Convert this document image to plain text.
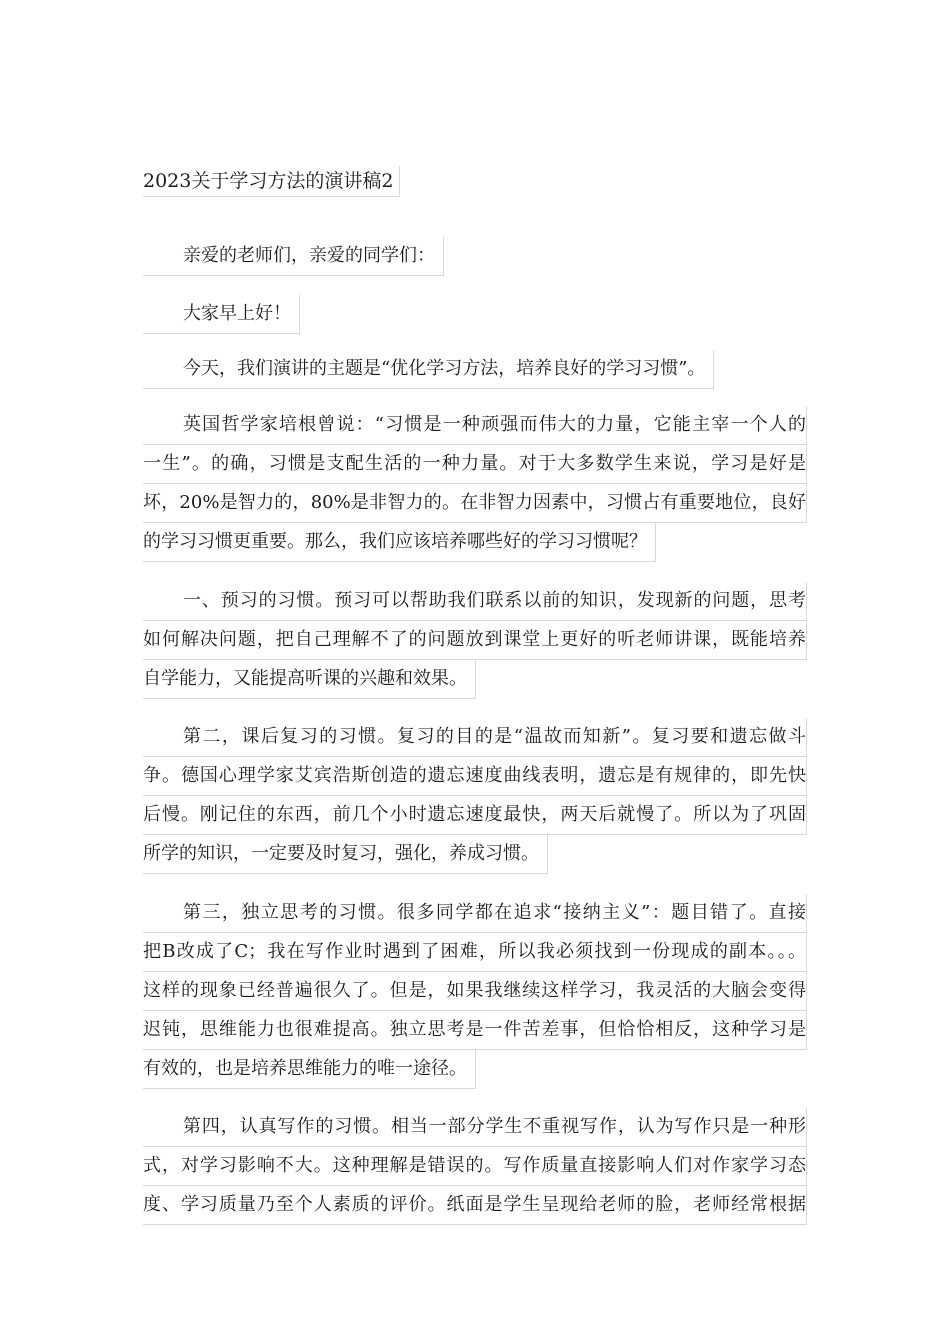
2023关于学习方法的演讲稿2
亲爱的老师们，亲爱的同学们：
大家早上好！
今天，我们演讲的主题是“优化学习方法，培养良好的学习习惯”。
英国哲学家培根曾说：“习惯是一种顽强而伟大的力量，它能主宰一个人的
一生”。的确，习惯是支配生活的一种力量。对于大多数学生来说，学习是好是
坏，20%是智力的，80%是非智力的。在非智力因素中，习惯占有重要地位，良好
的学习习惯更重要。那么，我们应该培养哪些好的学习习惯呢？
一、预习的习惯。预习可以帮助我们联系以前的知识，发现新的问题，思考
如何解决问题，把自己理解不了的问题放到课堂上更好的听老师讲课，既能培养
自学能力，又能提高听课的兴趣和效果。
第二，课后复习的习惯。复习的目的是“温故而知新”。复习要和遗忘做斗
争。德国心理学家艾宾浩斯创造的遗忘速度曲线表明，遗忘是有规律的，即先快
后慢。刚记住的东西，前几个小时遗忘速度最快，两天后就慢了。所以为了巩固
所学的知识，一定要及时复习，强化，养成习惯。
第三，独立思考的习惯。很多同学都在追求“接纳主义”：题目错了。直接
把B改成了C；我在写作业时遇到了困难，所以我必须找到一份现成的副本。。。
这样的现象已经普遍很久了。但是，如果我继续这样学习，我灵活的大脑会变得
迟钝，思维能力也很难提高。独立思考是一件苦差事，但恰恰相反，这种学习是
有效的，也是培养思维能力的唯一途径。
第四，认真写作的习惯。相当一部分学生不重视写作，认为写作只是一种形
式，对学习影响不大。这种理解是错误的。写作质量直接影响人们对作家学习态
度、学习质量乃至个人素质的评价。纸面是学生呈现给老师的脸，老师经常根据
